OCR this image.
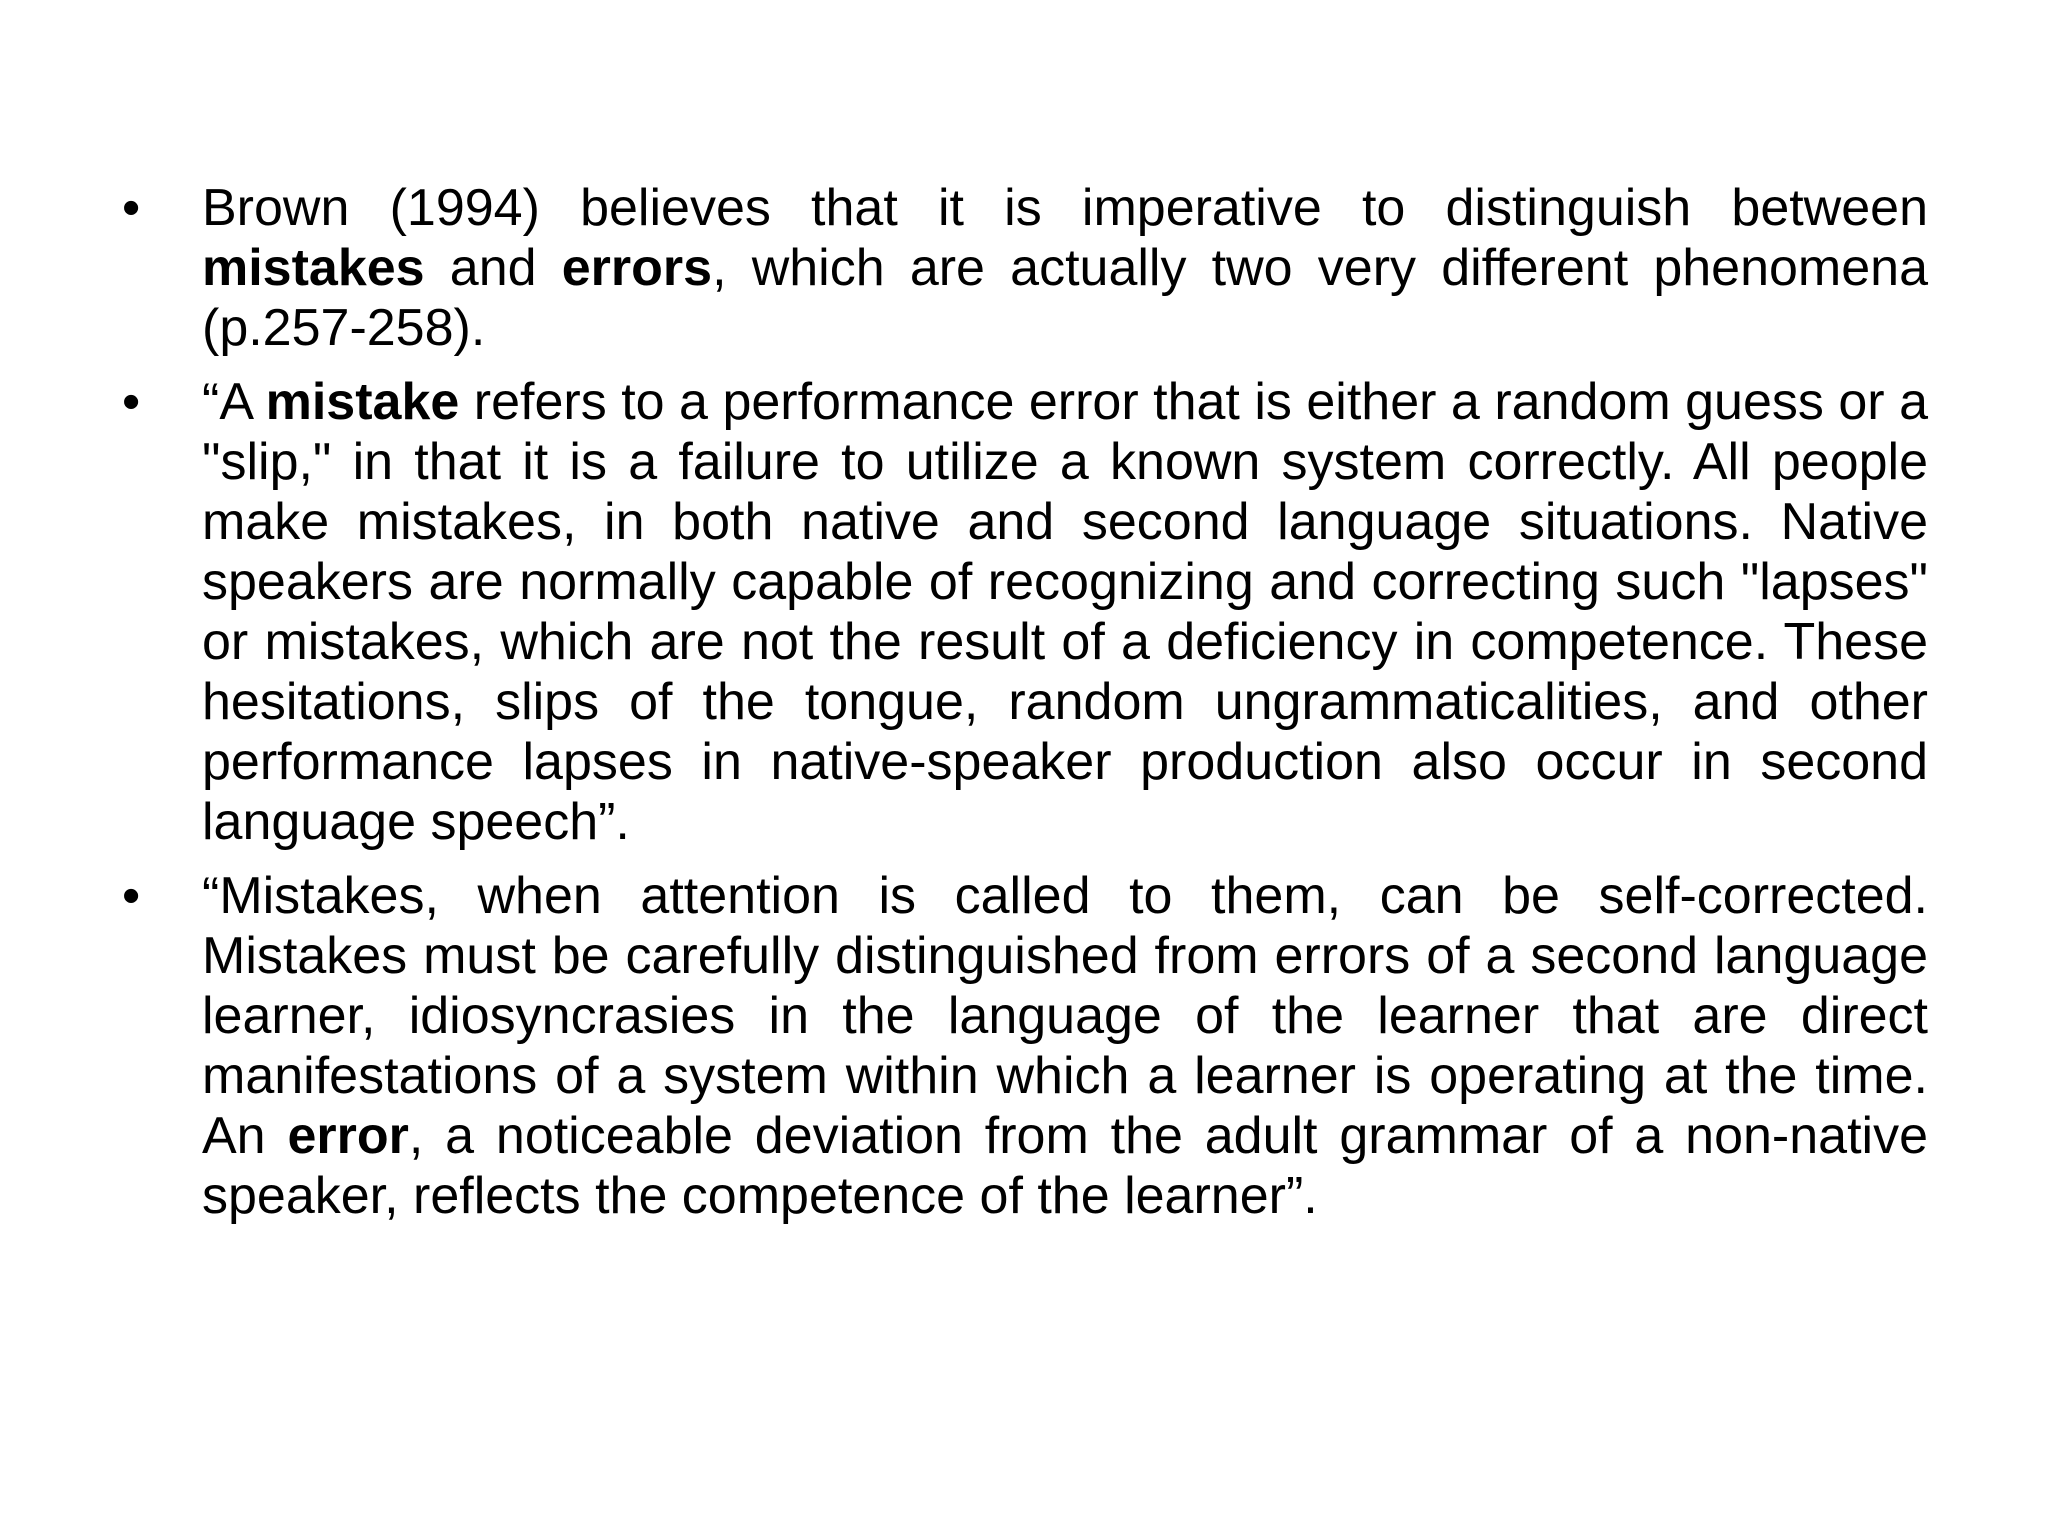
•	Brown (1994) believes that it is imperative to distinguish between mistakes and errors, which are actually two very different phenomena (p.257-258).
•	“A mistake refers to a performance error that is either a random guess or a "slip," in that it is a failure to utilize a known system correctly. All people make mistakes, in both native and second language situations. Native speakers are normally capable of recognizing and correcting such "lapses" or mistakes, which are not the result of a deficiency in competence. These hesitations, slips of the tongue, random ungrammaticalities, and other performance lapses in native-speaker production also occur in second language speech”.
•	“Mistakes, when attention is called to them, can be self-corrected. Mistakes must be carefully distinguished from errors of a second language learner, idiosyncrasies in the language of the learner that are direct manifestations of a system within which a learner is operating at the time. An error, a noticeable deviation from the adult grammar of a non-native speaker, reflects the competence of the learner”.
